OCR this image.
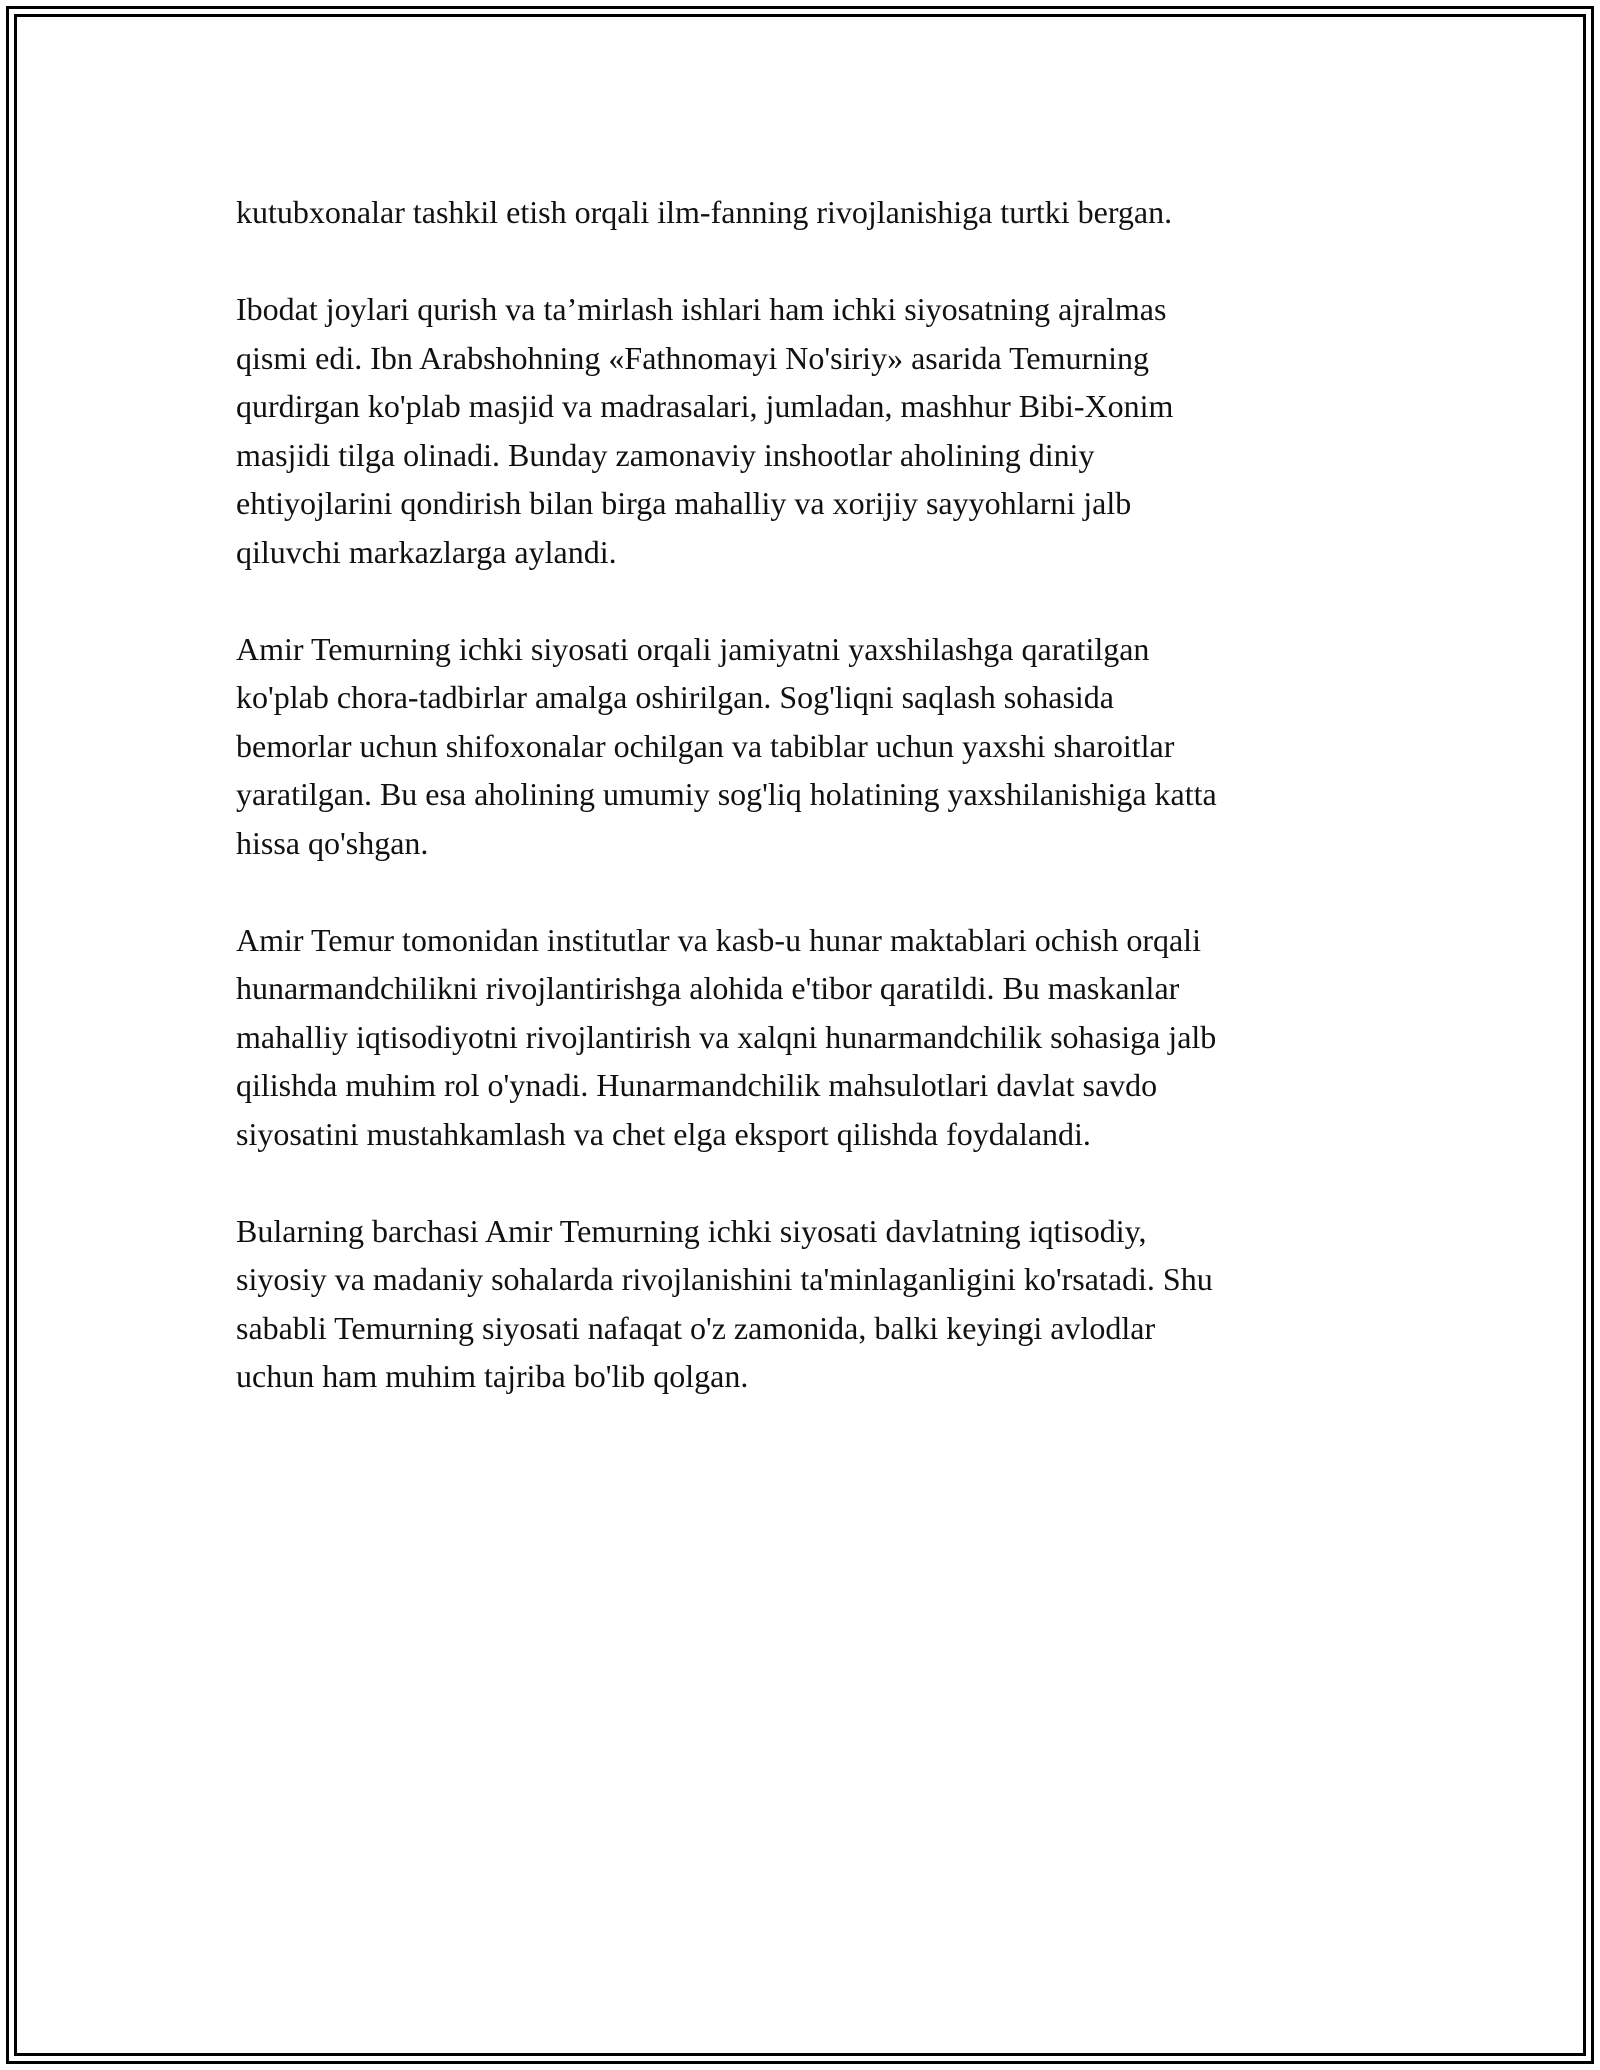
kutubxonalar tashkil etish orqali ilm-fanning rivojlanishiga turtki bergan.

Ibodat joylari qurish va ta’mirlash ishlari ham ichki siyosatning ajralmas
qismi edi. Ibn Arabshohning «Fathnomayi No'siriy» asarida Temurning
qurdirgan ko'plab masjid va madrasalari, jumladan, mashhur Bibi-Xonim
masjidi tilga olinadi. Bunday zamonaviy inshootlar aholining diniy
ehtiyojlarini qondirish bilan birga mahalliy va xorijiy sayyohlarni jalb
qiluvchi markazlarga aylandi.

Amir Temurning ichki siyosati orqali jamiyatni yaxshilashga qaratilgan
ko'plab chora-tadbirlar amalga oshirilgan. Sog'liqni saqlash sohasida
bemorlar uchun shifoxonalar ochilgan va tabiblar uchun yaxshi sharoitlar
yaratilgan. Bu esa aholining umumiy sog'liq holatining yaxshilanishiga katta
hissa qo'shgan.

Amir Temur tomonidan institutlar va kasb-u hunar maktablari ochish orqali
hunarmandchilikni rivojlantirishga alohida e'tibor qaratildi. Bu maskanlar
mahalliy iqtisodiyotni rivojlantirish va xalqni hunarmandchilik sohasiga jalb
qilishda muhim rol o'ynadi. Hunarmandchilik mahsulotlari davlat savdo
siyosatini mustahkamlash va chet elga eksport qilishda foydalandi.

Bularning barchasi Amir Temurning ichki siyosati davlatning iqtisodiy,
siyosiy va madaniy sohalarda rivojlanishini ta'minlaganligini ko'rsatadi. Shu
sababli Temurning siyosati nafaqat o'z zamonida, balki keyingi avlodlar
uchun ham muhim tajriba bo'lib qolgan.
